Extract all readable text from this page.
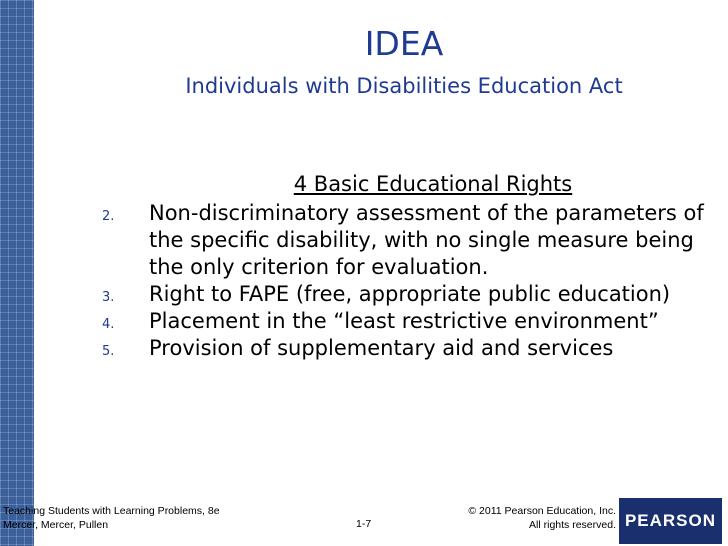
IDEA
Individuals with Disabilities Education Act
4 Basic Educational Rights
2. Non-discriminatory assessment of the parameters of the specific disability, with no single measure being the only criterion for evaluation.
3. Right to FAPE (free, appropriate public education)
4. Placement in the “least restrictive environment”
5. Provision of supplementary aid and services
Teaching Students with Learning Problems, 8e
Mercer, Mercer, Pullen	1-7
© 2011 Pearson Education, Inc.
All rights reserved. PEARSON
